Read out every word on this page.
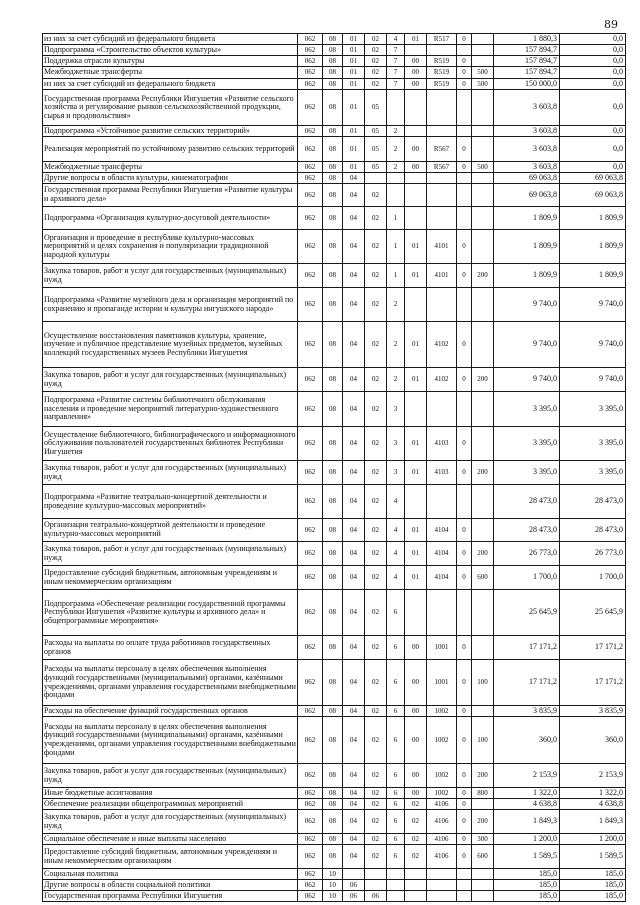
89
из них за счет субсидий из федерального бюджета	062	08	01	02	4	01	R517	0		1 880,3	0,0
Подпрограмма «Строительство объектов культуры»	062	08	01	02	7					157 894,7	0,0
Поддержка отрасли культуры	062	08	01	02	7	00	R519	0		157 894,7	0,0
Межбюджетные трансферты	062	08	01	02	7	00	R519	0	500	157 894,7	0,0
из них за счет субсидий из федерального бюджета	062	08	01	02	7	00	R519	0	500	150 000,0	0,0
Государственная программа Республики Ингушетия «Развитие сельского хозяйства и регулирование рынков сельскохозяйственной продукции, сырья и продовольствия»	062	08	01	05						3 603,8	0,0
Подпрограмма «Устойчивое развитие сельских территорий»	062	08	01	05	2					3 603,8	0,0
Реализация мероприятий по устойчивому развитию сельских территорий	062	08	01	05	2	00	R567	0		3 603,8	0,0
Межбюджетные трансферты	062	08	01	05	2	00	R567	0	500	3 603,8	0,0
Другие вопросы в области культуры, кинематографии	062	08	04							69 063,8	69 063,8
Государственная программа Республики Ингушетия «Развитие культуры и архивного дела»	062	08	04	02						69 063,8	69 063,8
Подпрограмма «Организация культурно-досуговой деятельности»	062	08	04	02	1					1 809,9	1 809,9
Организация и проведение в республике культурно-массовых мероприятий и целях сохранения и популяризации традиционной народной культуры	062	08	04	02	1	01	4101	0		1 809,9	1 809,9
Закупка товаров, работ и услуг для государственных (муниципальных) нужд	062	08	04	02	1	01	4101	0	200	1 809,9	1 809,9
Подпрограмма «Развитие музейного дела и организация мероприятий по сохранению и пропаганде истории и культуры ингушского народа»	062	08	04	02	2					9 740,0	9 740,0
Осуществление восстановления памятников культуры, хранение, изучение и публичное представление музейных предметов, музейных коллекций государственных музеев Республики Ингушетия	062	08	04	02	2	01	4102	0		9 740,0	9 740,0
Закупка товаров, работ и услуг для государственных (муниципальных) нужд	062	08	04	02	2	01	4102	0	200	9 740,0	9 740,0
Подпрограмма «Развитие системы библиотечного обслуживания населения и проведение мероприятий литературно-художественного направления»	062	08	04	02	3					3 395,0	3 395,0
Осуществление библиотечного, библиографического и информационного обслуживания пользователей государственных библиотек Республики Ингушетия	062	08	04	02	3	01	4103	0		3 395,0	3 395,0
Закупка товаров, работ и услуг для государственных (муниципальных) нужд	062	08	04	02	3	01	4103	0	200	3 395,0	3 395,0
Подпрограмма «Развитие театрально-концертной деятельности и проведение культурно-массовых мероприятий»	062	08	04	02	4					28 473,0	28 473,0
Организация театрально-концертной деятельности и проведение культурно-массовых мероприятий	062	08	04	02	4	01	4104	0		28 473,0	28 473,0
Закупка товаров, работ и услуг для государственных (муниципальных) нужд	062	08	04	02	4	01	4104	0	200	26 773,0	26 773,0
Предоставление субсидий бюджетным, автономным учреждениям и иным некоммерческим организациям	062	08	04	02	4	01	4104	0	600	1 700,0	1 700,0
Подпрограмма «Обеспечение реализации государственной программы Республики Ингушетия «Развитие культуры и архивного дела» и общепрограммные мероприятия»	062	08	04	02	6					25 645,9	25 645,9
Расходы на выплаты по оплате труда работников государственных органов	062	08	04	02	6	00	1001	0		17 171,2	17 171,2
Расходы на выплаты персоналу в целях обеспечения выполнения функций государственными (муниципальными) органами, казёнными учреждениями, органами управления государственными внебюджетными фондами	062	08	04	02	6	00	1001	0	100	17 171,2	17 171,2
Расходы на обеспечение функций государственных органов	062	08	04	02	6	00	1002	0		3 835,9	3 835,9
Расходы на выплаты персоналу в целях обеспечения выполнения функций государственными (муниципальными) органами, казёнными учреждениями, органами управления государственными внебюджетными фондами	062	08	04	02	6	00	1002	0	100	360,0	360,0
Закупка товаров, работ и услуг для государственных (муниципальных) нужд	062	08	04	02	6	00	1002	0	200	2 153,9	2 153,9
Иные бюджетные ассигнования	062	08	04	02	6	00	1002	0	800	1 322,0	1 322,0
Обеспечение реализации общепрограммных мероприятий	062	08	04	02	6	02	4106	0		4 638,8	4 638,8
Закупка товаров, работ и услуг для государственных (муниципальных) нужд	062	08	04	02	6	02	4106	0	200	1 849,3	1 849,3
Социальное обеспечение и иные выплаты населению	062	08	04	02	6	02	4106	0	300	1 200,0	1 200,0
Предоставление субсидий бюджетным, автономным учреждениям и иным некоммерческим организациям	062	08	04	02	6	02	4106	0	600	1 589,5	1 589,5
Социальная политика	062	10								185,0	185,0
Другие вопросы в области социальной политики	062	10	06							185,0	185,0
Государственная программа Республики Ингушетия	062	10	06	06						185,0	185,0
